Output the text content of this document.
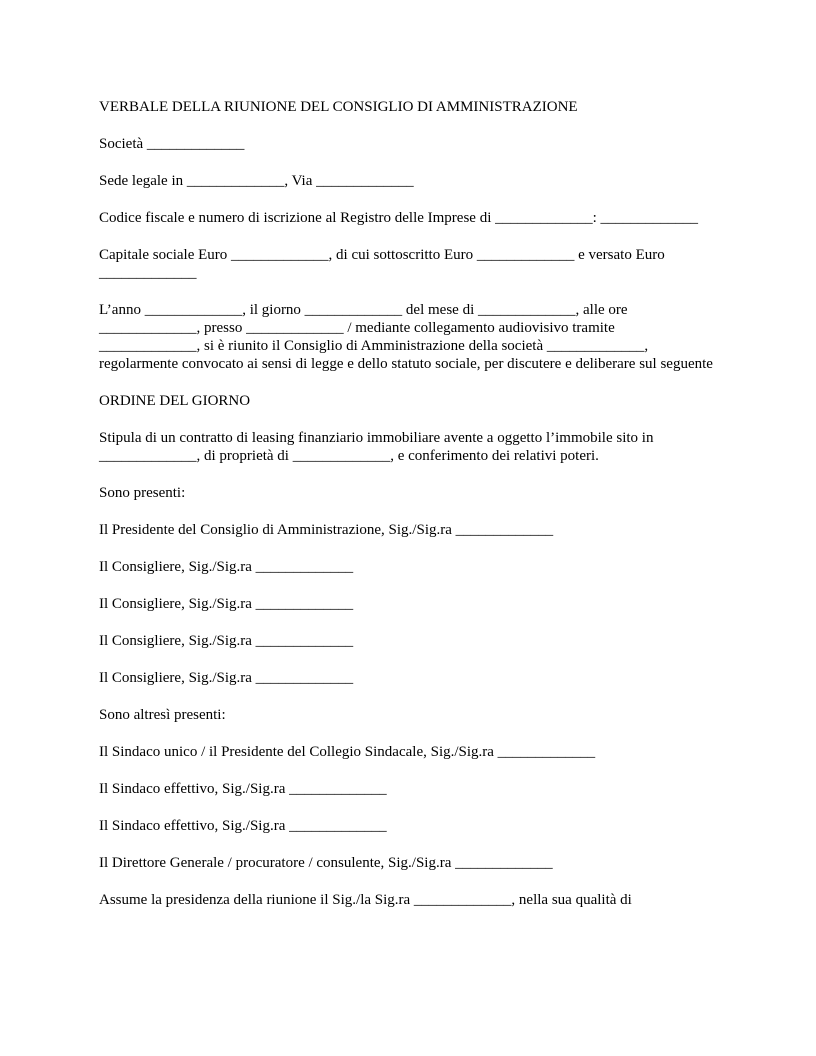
VERBALE DELLA RIUNIONE DEL CONSIGLIO DI AMMINISTRAZIONE

Società _____________

Sede legale in _____________, Via _____________

Codice fiscale e numero di iscrizione al Registro delle Imprese di _____________: _____________

Capitale sociale Euro _____________, di cui sottoscritto Euro _____________ e versato Euro _____________

L’anno _____________, il giorno _____________ del mese di _____________, alle ore _____________, presso _____________ / mediante collegamento audiovisivo tramite _____________, si è riunito il Consiglio di Amministrazione della società _____________, regolarmente convocato ai sensi di legge e dello statuto sociale, per discutere e deliberare sul seguente

ORDINE DEL GIORNO

Stipula di un contratto di leasing finanziario immobiliare avente a oggetto l’immobile sito in _____________, di proprietà di _____________, e conferimento dei relativi poteri.

Sono presenti:

Il Presidente del Consiglio di Amministrazione, Sig./Sig.ra _____________

Il Consigliere, Sig./Sig.ra _____________

Il Consigliere, Sig./Sig.ra _____________

Il Consigliere, Sig./Sig.ra _____________

Il Consigliere, Sig./Sig.ra _____________

Sono altresì presenti:

Il Sindaco unico / il Presidente del Collegio Sindacale, Sig./Sig.ra _____________

Il Sindaco effettivo, Sig./Sig.ra _____________

Il Sindaco effettivo, Sig./Sig.ra _____________

Il Direttore Generale / procuratore / consulente, Sig./Sig.ra _____________

Assume la presidenza della riunione il Sig./la Sig.ra _____________, nella sua qualità di
